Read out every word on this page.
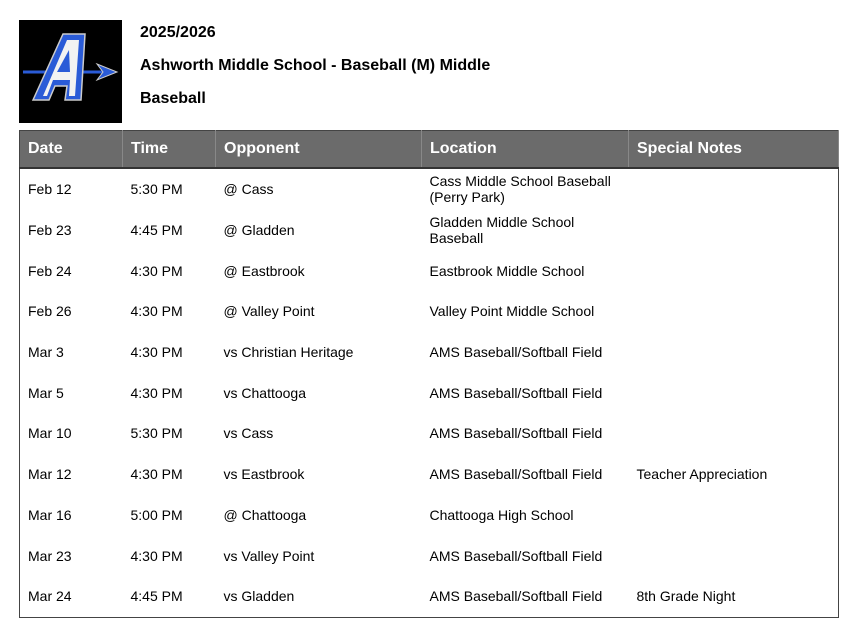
2025/2026
Ashworth Middle School - Baseball (M) Middle
Baseball
Date	Time	Opponent	Location	Special Notes
Feb 12	5:30 PM	@ Cass	Cass Middle School Baseball (Perry Park)	
Feb 23	4:45 PM	@ Gladden	Gladden Middle School Baseball	
Feb 24	4:30 PM	@ Eastbrook	Eastbrook Middle School	
Feb 26	4:30 PM	@ Valley Point	Valley Point Middle School	
Mar 3	4:30 PM	vs Christian Heritage	AMS Baseball/Softball Field	
Mar 5	4:30 PM	vs Chattooga	AMS Baseball/Softball Field	
Mar 10	5:30 PM	vs Cass	AMS Baseball/Softball Field	
Mar 12	4:30 PM	vs Eastbrook	AMS Baseball/Softball Field	Teacher Appreciation
Mar 16	5:00 PM	@ Chattooga	Chattooga High School	
Mar 23	4:30 PM	vs Valley Point	AMS Baseball/Softball Field	
Mar 24	4:45 PM	vs Gladden	AMS Baseball/Softball Field	8th Grade Night
